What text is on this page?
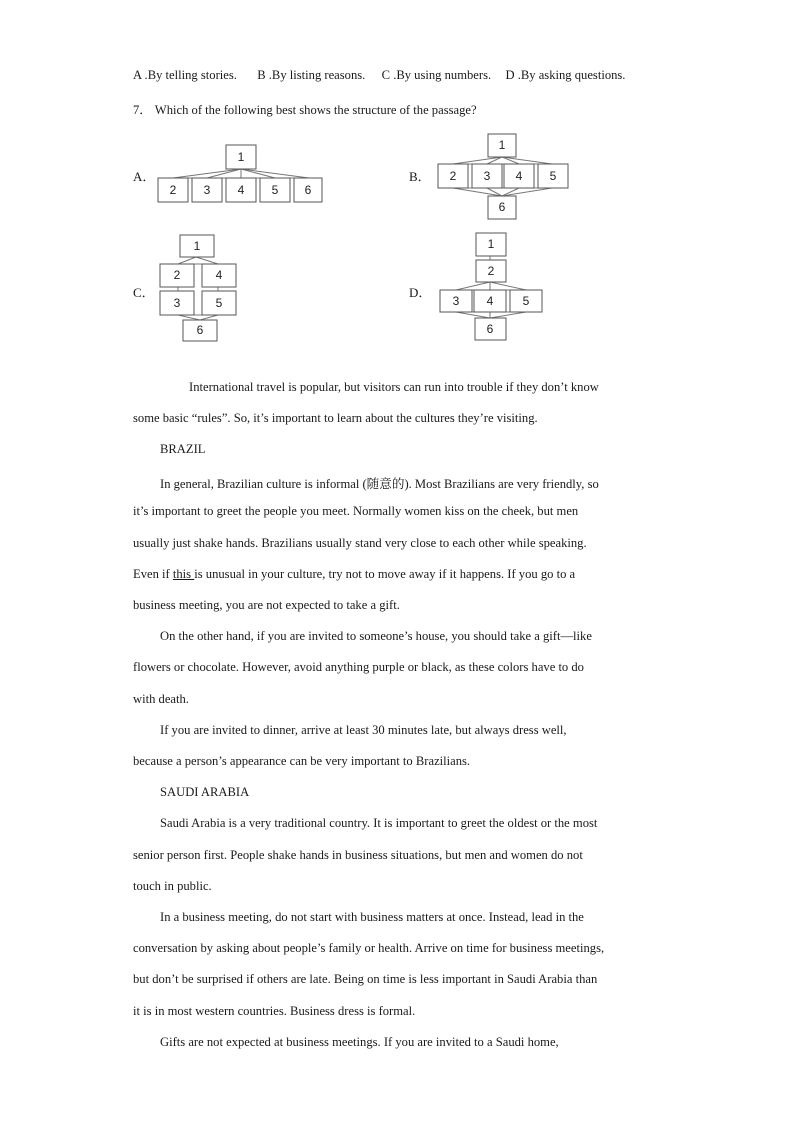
A .By telling stories. B .By listing reasons. C .By using numbers. D .By asking questions.
7． Which of the following best shows the structure of the passage?
A．	B．
C．	D．
1
2 3 4 5 6
1
2 3 4 5
6
1
2	4
3	5
6
1
2
3 4 5
6
International travel is popular, but visitors can run into trouble if they don’t know
some basic “rules”. So, it’s important to learn about the cultures they’re visiting.
BRAZIL
In general, Brazilian culture is informal (随意的). Most Brazilians are very friendly, so
it’s important to greet the people you meet. Normally women kiss on the cheek, but men
usually just shake hands. Brazilians usually stand very close to each other while speaking.
Even if this is unusual in your culture, try not to move away if it happens. If you go to a
business meeting, you are not expected to take a gift.
On the other hand, if you are invited to someone’s house, you should take a gift—like
flowers or chocolate. However, avoid anything purple or black, as these colors have to do
with death.
If you are invited to dinner, arrive at least 30 minutes late, but always dress well,
because a person’s appearance can be very important to Brazilians.
SAUDI ARABIA
Saudi Arabia is a very traditional country. It is important to greet the oldest or the most
senior person first. People shake hands in business situations, but men and women do not
touch in public.
In a business meeting, do not start with business matters at once. Instead, lead in the
conversation by asking about people’s family or health. Arrive on time for business meetings,
but don’t be surprised if others are late. Being on time is less important in Saudi Arabia than
it is in most western countries. Business dress is formal.
Gifts are not expected at business meetings. If you are invited to a Saudi home,
